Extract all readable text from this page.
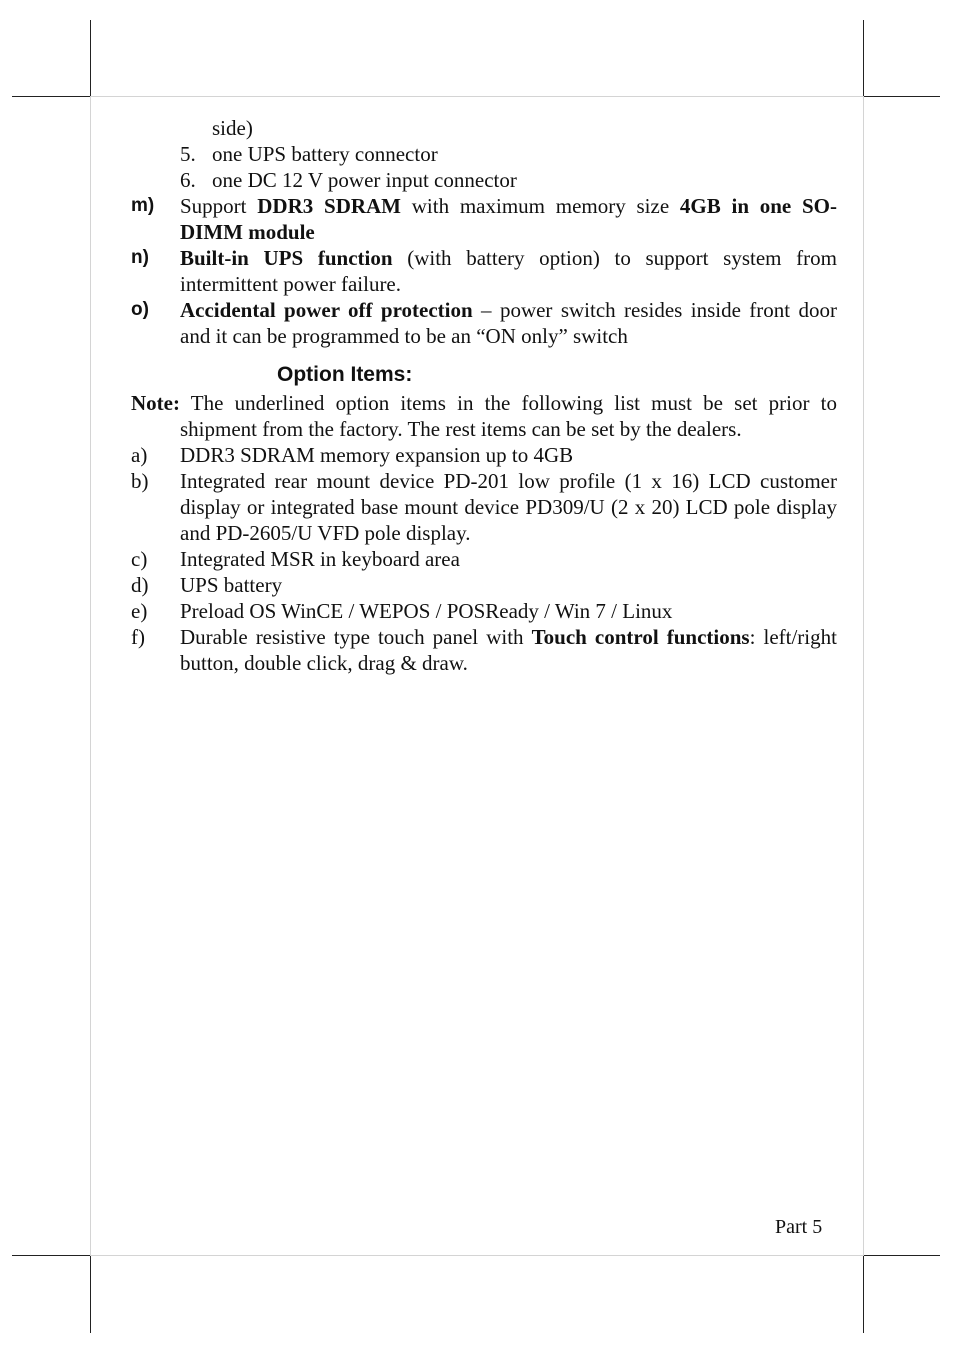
side)
5. one UPS battery connector
6. one DC 12 V power input connector
m) Support DDR3 SDRAM with maximum memory size 4GB in one SO-DIMM module
n) Built-in UPS function (with battery option) to support system from intermittent power failure.
o) Accidental power off protection – power switch resides inside front door and it can be programmed to be an “ON only” switch
Option Items:
Note: The underlined option items in the following list must be set prior to shipment from the factory. The rest items can be set by the dealers.
a) DDR3 SDRAM memory expansion up to 4GB
b) Integrated rear mount device PD-201 low profile (1 x 16) LCD customer display or integrated base mount device PD309/U (2 x 20) LCD pole display and PD-2605/U VFD pole display.
c) Integrated MSR in keyboard area
d) UPS battery
e) Preload OS WinCE / WEPOS / POSReady / Win 7 / Linux
f) Durable resistive type touch panel with Touch control functions: left/right button, double click, drag & draw.
Part 5
